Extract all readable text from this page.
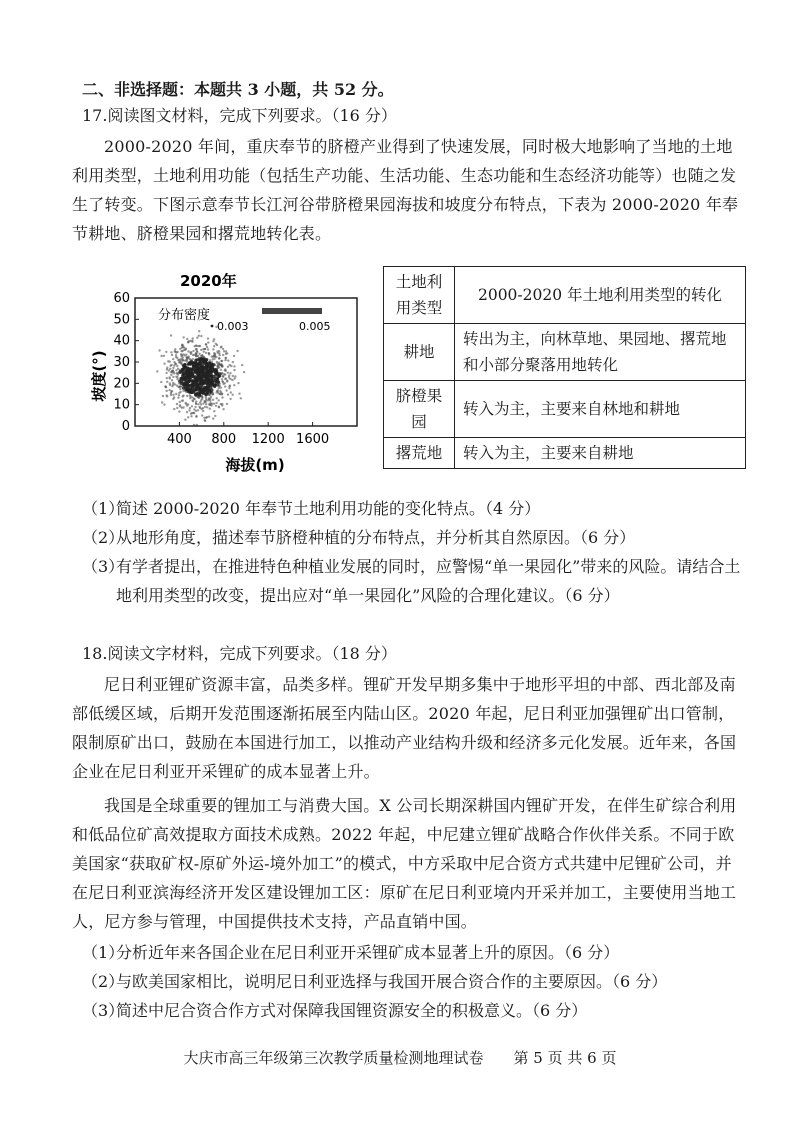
二、非选择题：本题共 3 小题，共 52 分。
17.阅读图文材料，完成下列要求。（16 分）
2000-2020 年间，重庆奉节的脐橙产业得到了快速发展，同时极大地影响了当地的土地利用类型，土地利用功能（包括生产功能、生活功能、生态功能和生态经济功能等）也随之发生了转变。下图示意奉节长江河谷带脐橙果园海拔和坡度分布特点，下表为 2000-2020 年奉节耕地、脐橙果园和撂荒地转化表。
2020年
0
10
20
30
40
50
60
400 800 1200 1600
分布密度
0.003	0.005
坡度(°)
海拔(m)
土地利用类型	2000-2020 年土地利用类型的转化
耕地	转出为主，向林草地、果园地、撂荒地和小部分聚落用地转化
脐橙果园	转入为主，主要来自林地和耕地
撂荒地	转入为主，主要来自耕地
（1）简述 2000-2020 年奉节土地利用功能的变化特点。（4 分）
（2）从地形角度，描述奉节脐橙种植的分布特点，并分析其自然原因。（6 分）
（3）
有学者提出，在推进特色种植业发展的同时，应警惕“单一果园化”带来的风险。请结合土地利用类型的改变，提出应对“单一果园化”风险的合理化建议。（6 分）
18.阅读文字材料，完成下列要求。（18 分）
尼日利亚锂矿资源丰富，品类多样。锂矿开发早期多集中于地形平坦的中部、西北部及南部低缓区域，后期开发范围逐渐拓展至内陆山区。2020 年起，尼日利亚加强锂矿出口管制，限制原矿出口，鼓励在本国进行加工，以推动产业结构升级和经济多元化发展。近年来，各国企业在尼日利亚开采锂矿的成本显著上升。
我国是全球重要的锂加工与消费大国。X 公司长期深耕国内锂矿开发，在伴生矿综合利用和低品位矿高效提取方面技术成熟。2022 年起，中尼建立锂矿战略合作伙伴关系。不同于欧美国家“获取矿权-原矿外运-境外加工”的模式，中方采取中尼合资方式共建中尼锂矿公司，并在尼日利亚滨海经济开发区建设锂加工区：原矿在尼日利亚境内开采并加工，主要使用当地工人，尼方参与管理，中国提供技术支持，产品直销中国。
（1）分析近年来各国企业在尼日利亚开采锂矿成本显著上升的原因。（6 分）
（2）与欧美国家相比，说明尼日利亚选择与我国开展合资合作的主要原因。（6 分）
（3）简述中尼合资合作方式对保障我国锂资源安全的积极意义。（6 分）
大庆市高三年级第三次教学质量检测地理试卷　　第 5 页 共 6 页
